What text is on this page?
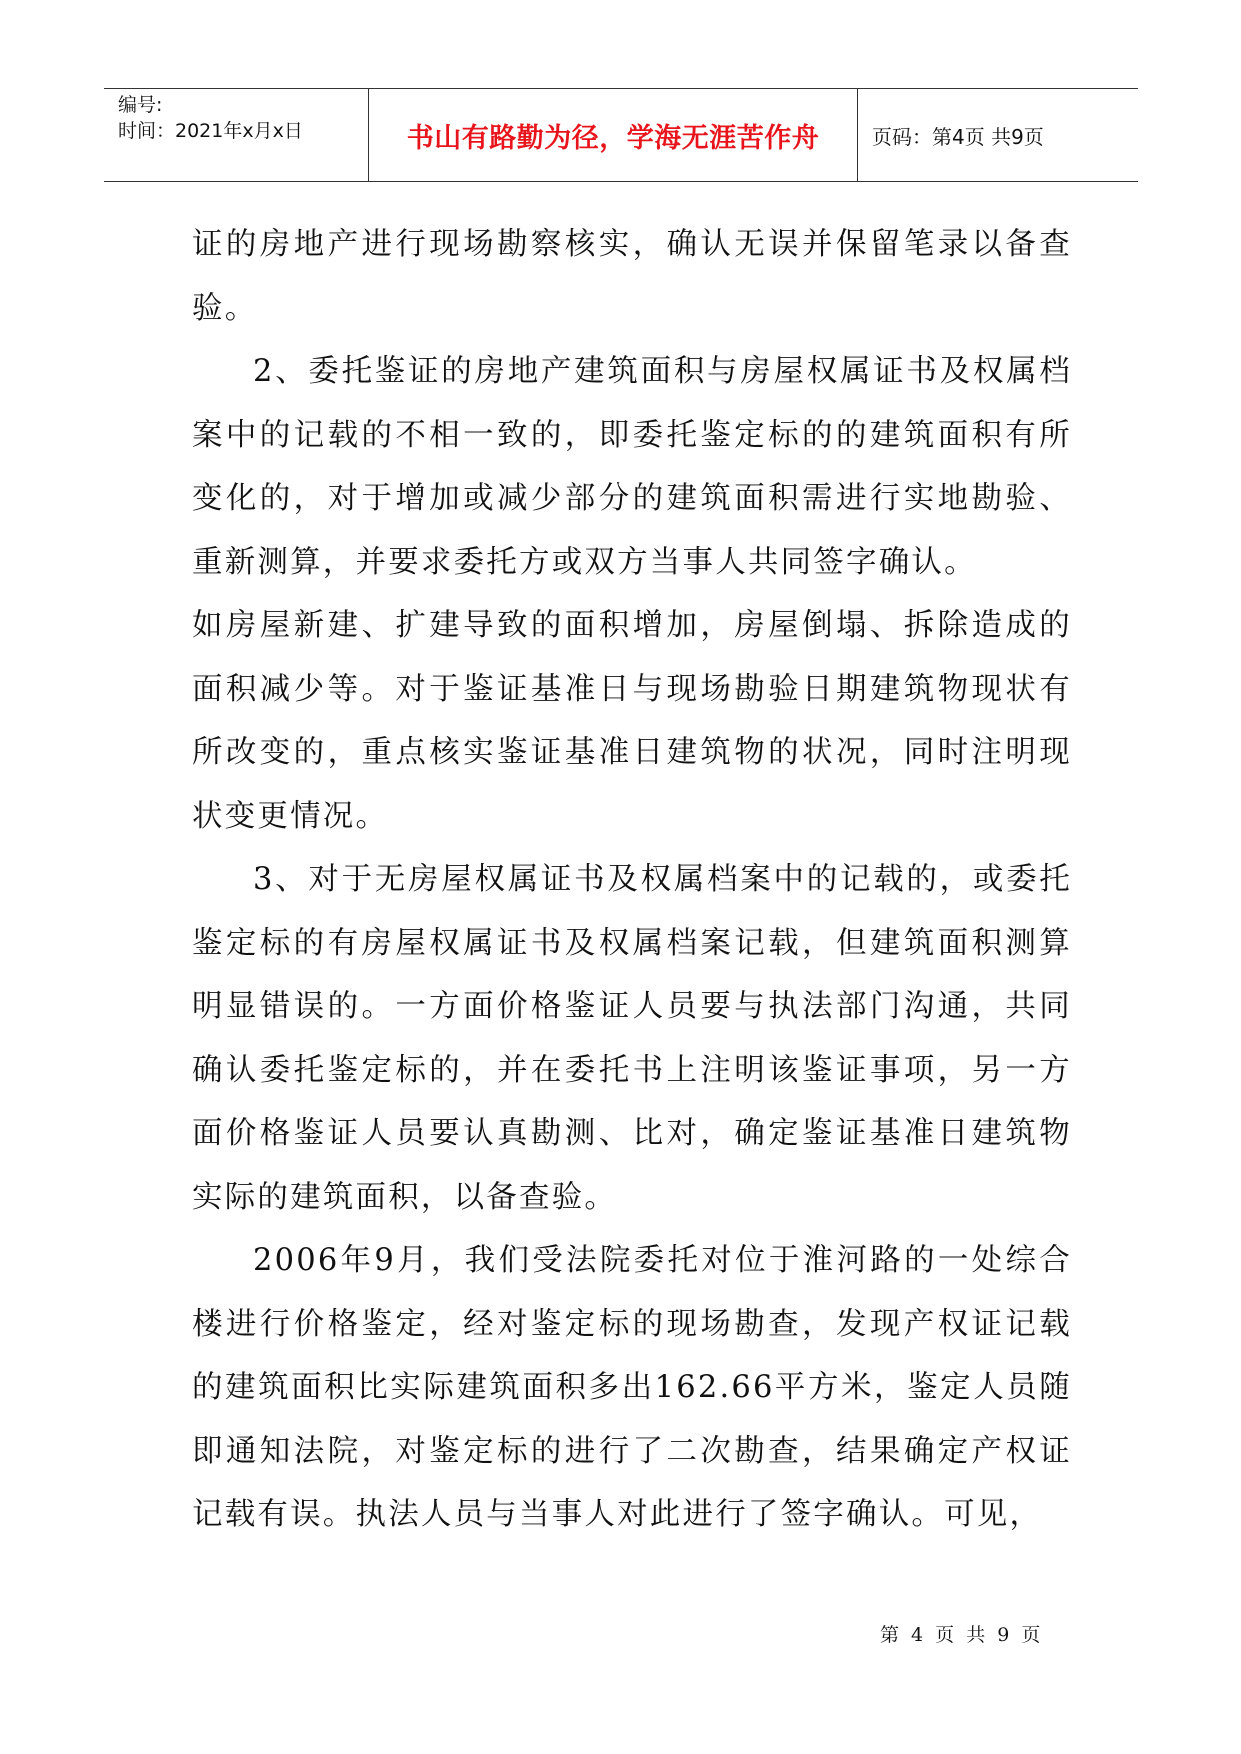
编号:
时间：2021年x月x日	书山有路勤为径，学海无涯苦作舟	页码：第4页 共9页

证的房地产进行现场勘察核实，确认无误并保留笔录以备查验。

2、委托鉴证的房地产建筑面积与房屋权属证书及权属档案中的记载的不相一致的，即委托鉴定标的的建筑面积有所变化的，对于增加或减少部分的建筑面积需进行实地勘验、重新测算，并要求委托方或双方当事人共同签字确认。

如房屋新建、扩建导致的面积增加，房屋倒塌、拆除造成的面积减少等。对于鉴证基准日与现场勘验日期建筑物现状有所改变的，重点核实鉴证基准日建筑物的状况，同时注明现状变更情况。

3、对于无房屋权属证书及权属档案中的记载的，或委托鉴定标的有房屋权属证书及权属档案记载，但建筑面积测算明显错误的。一方面价格鉴证人员要与执法部门沟通，共同确认委托鉴定标的，并在委托书上注明该鉴证事项，另一方面价格鉴证人员要认真勘测、比对，确定鉴证基准日建筑物实际的建筑面积，以备查验。

2006年9月，我们受法院委托对位于淮河路的一处综合楼进行价格鉴定，经对鉴定标的现场勘查，发现产权证记载的建筑面积比实际建筑面积多出162.66平方米，鉴定人员随即通知法院，对鉴定标的进行了二次勘查，结果确定产权证记载有误。执法人员与当事人对此进行了签字确认。可见，

第 4 页 共 9 页
